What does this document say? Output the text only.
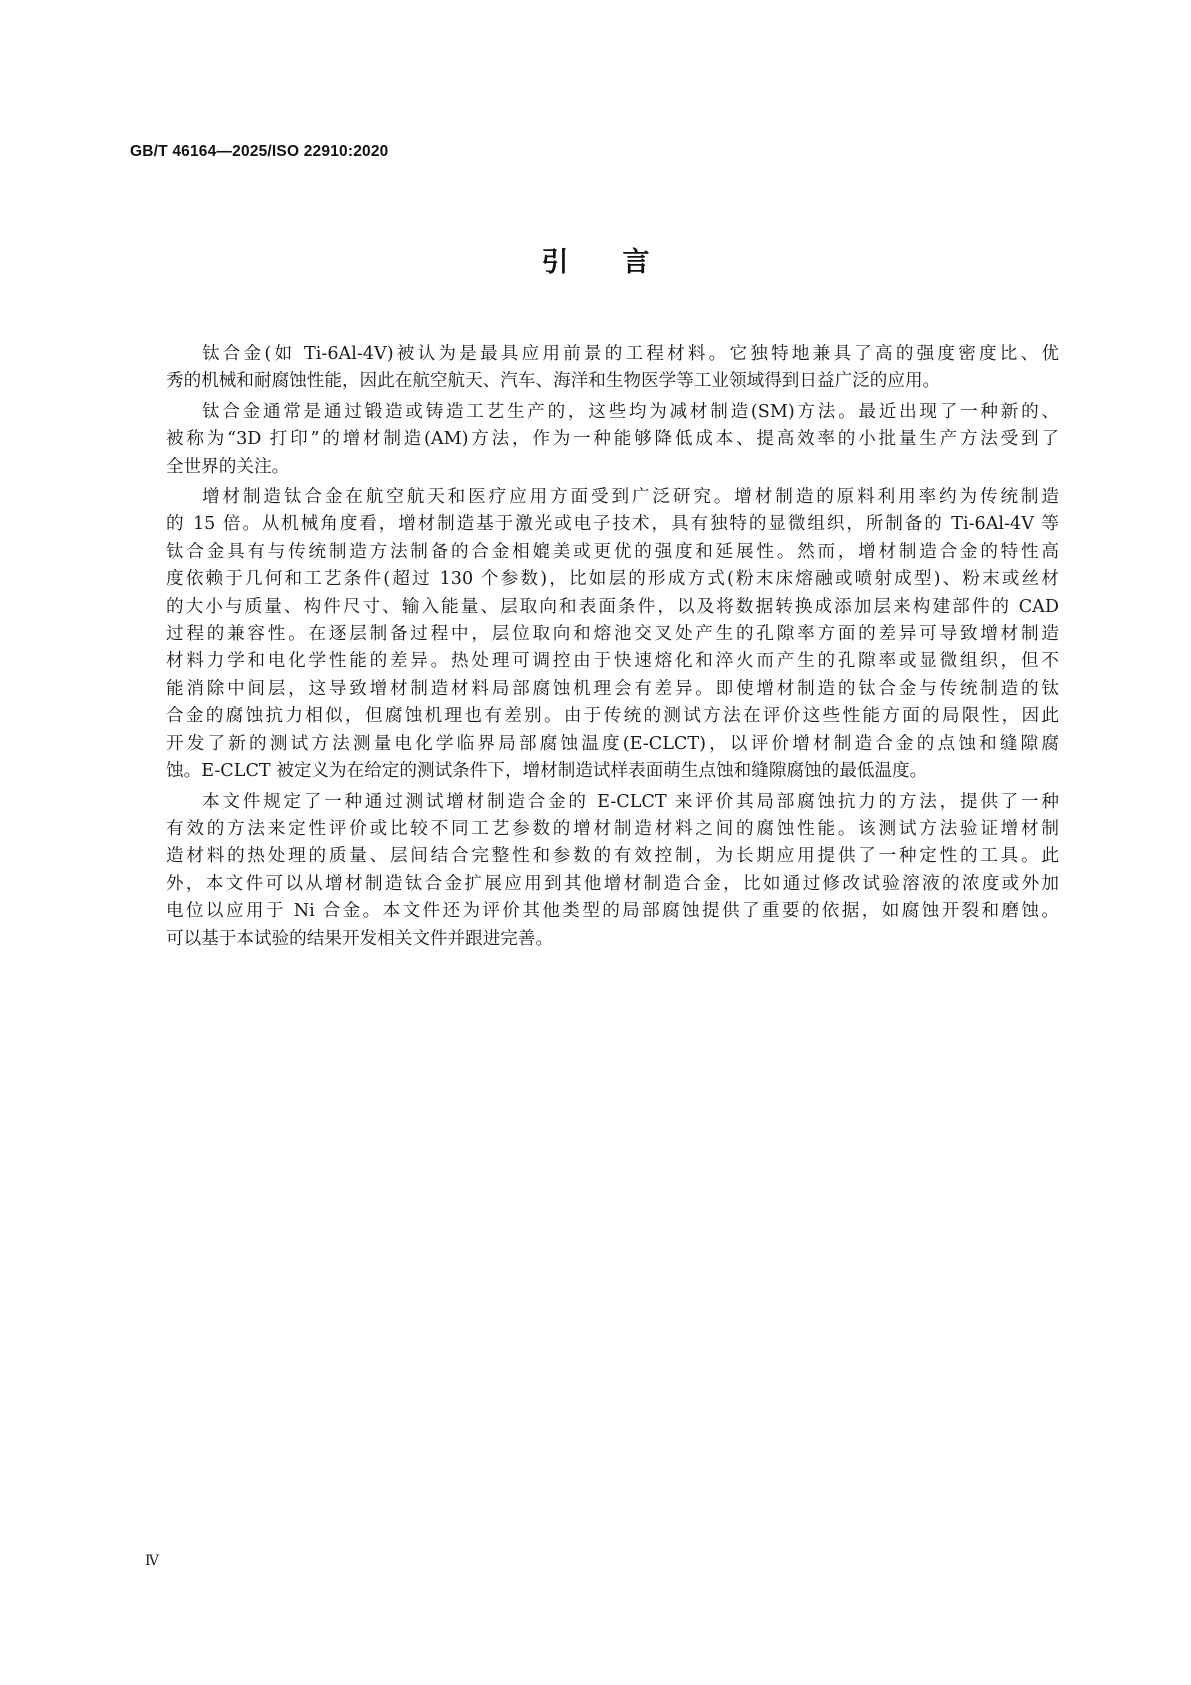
GB/T 46164—2025/ISO 22910:2020
引言
钛合金(如 Ti-6Al-4V)被认为是最具应用前景的工程材料。它独特地兼具了高的强度密度比、优
秀的机械和耐腐蚀性能，因此在航空航天、汽车、海洋和生物医学等工业领域得到日益广泛的应用。
钛合金通常是通过锻造或铸造工艺生产的，这些均为减材制造(SM)方法。最近出现了一种新的、
被称为“3D 打印”的增材制造(AM)方法，作为一种能够降低成本、提高效率的小批量生产方法受到了
全世界的关注。
增材制造钛合金在航空航天和医疗应用方面受到广泛研究。增材制造的原料利用率约为传统制造
的 15 倍。从机械角度看，增材制造基于激光或电子技术，具有独特的显微组织，所制备的 Ti-6Al-4V 等
钛合金具有与传统制造方法制备的合金相媲美或更优的强度和延展性。然而，增材制造合金的特性高
度依赖于几何和工艺条件(超过 130 个参数)，比如层的形成方式(粉末床熔融或喷射成型)、粉末或丝材
的大小与质量、构件尺寸、输入能量、层取向和表面条件，以及将数据转换成添加层来构建部件的 CAD
过程的兼容性。在逐层制备过程中，层位取向和熔池交叉处产生的孔隙率方面的差异可导致增材制造
材料力学和电化学性能的差异。热处理可调控由于快速熔化和淬火而产生的孔隙率或显微组织，但不
能消除中间层，这导致增材制造材料局部腐蚀机理会有差异。即使增材制造的钛合金与传统制造的钛
合金的腐蚀抗力相似，但腐蚀机理也有差别。由于传统的测试方法在评价这些性能方面的局限性，因此
开发了新的测试方法测量电化学临界局部腐蚀温度(E-CLCT)，以评价增材制造合金的点蚀和缝隙腐
蚀。E-CLCT 被定义为在给定的测试条件下，增材制造试样表面萌生点蚀和缝隙腐蚀的最低温度。
本文件规定了一种通过测试增材制造合金的 E-CLCT 来评价其局部腐蚀抗力的方法，提供了一种
有效的方法来定性评价或比较不同工艺参数的增材制造材料之间的腐蚀性能。该测试方法验证增材制
造材料的热处理的质量、层间结合完整性和参数的有效控制，为长期应用提供了一种定性的工具。此
外，本文件可以从增材制造钛合金扩展应用到其他增材制造合金，比如通过修改试验溶液的浓度或外加
电位以应用于 Ni 合金。本文件还为评价其他类型的局部腐蚀提供了重要的依据，如腐蚀开裂和磨蚀。
可以基于本试验的结果开发相关文件并跟进完善。
Ⅳ
